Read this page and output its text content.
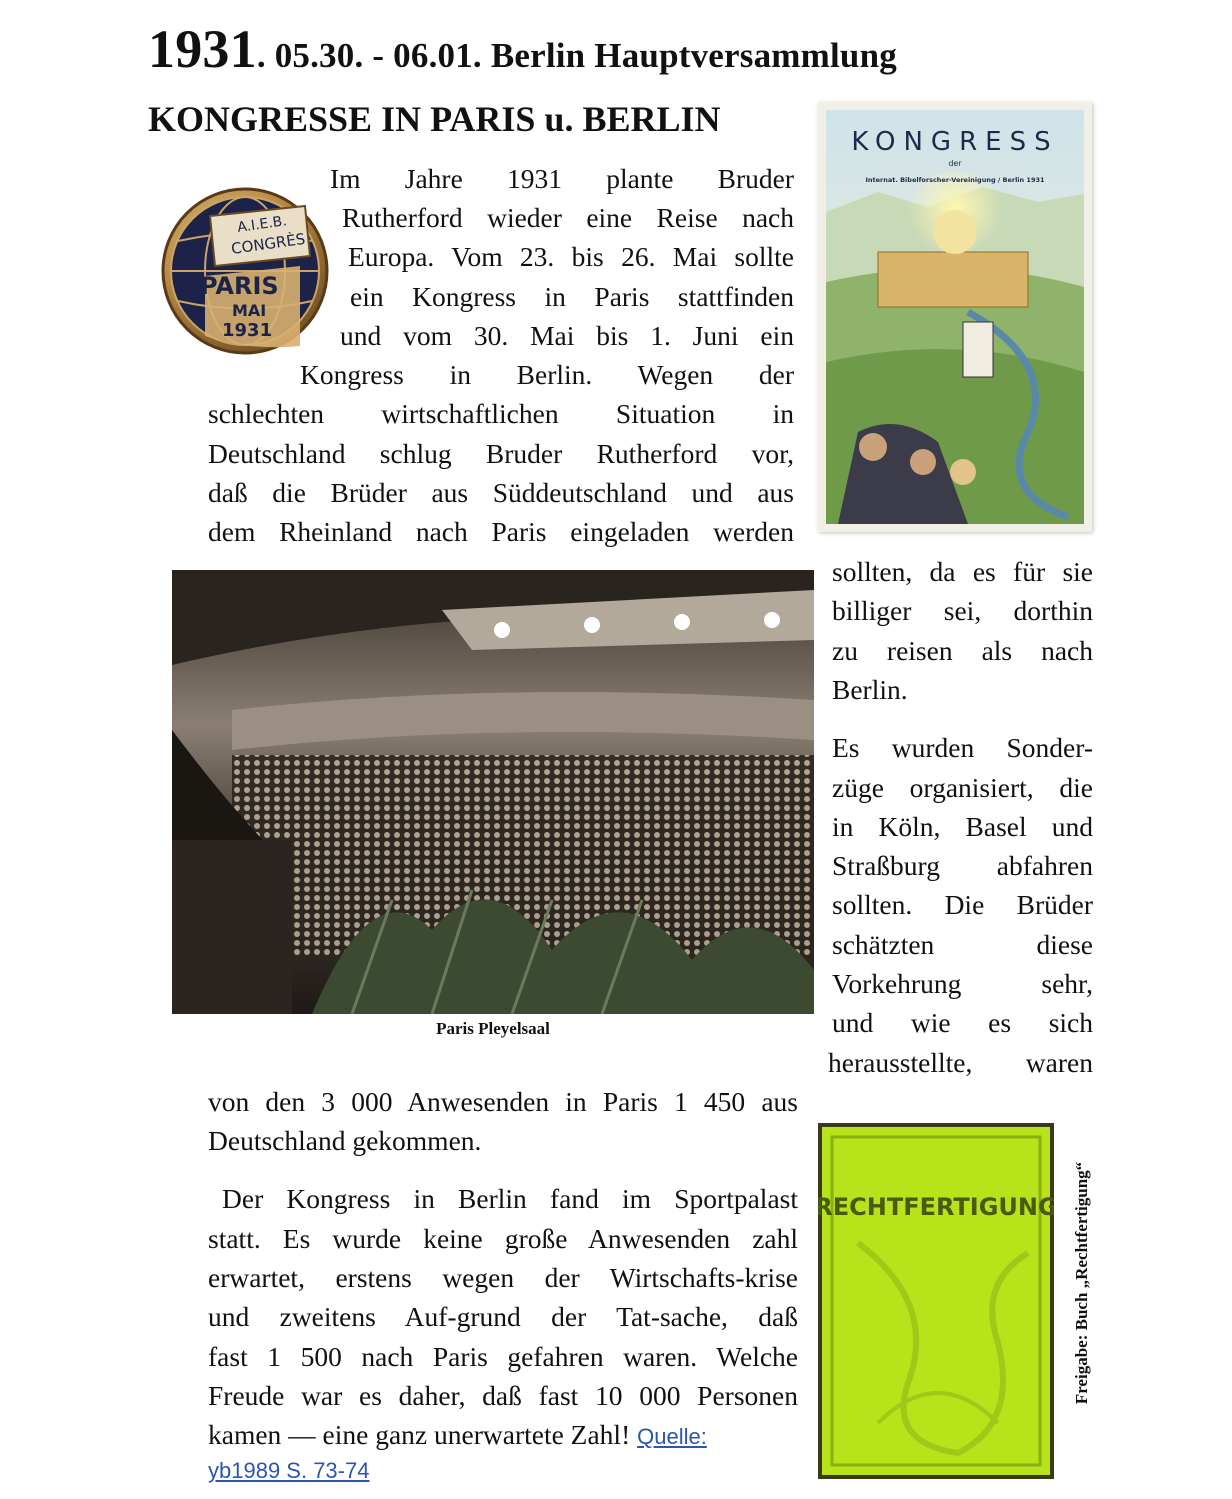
1931. 05.30. - 06.01. Berlin Hauptversammlung
KONGRESSE IN PARIS u. BERLIN
A.I.E.B.
CONGRÈS
PARIS
MAI
1931
KONGRESS
der
Internat. Bibelforscher-Vereinigung / Berlin 1931
Im Jahre 1931 plante Bruder
Rutherford wieder eine Reise nach
Europa. Vom 23. bis 26. Mai sollte
ein Kongress in Paris stattfinden
und vom 30. Mai bis 1. Juni ein
Kongress in Berlin. Wegen der
schlechten wirtschaftlichen Situation in
Deutschland schlug Bruder Rutherford vor,
daß die Brüder aus Süddeutschland und aus
dem Rheinland nach Paris eingeladen werden
sollten, da es für sie
billiger sei, dorthin
zu reisen als nach
Berlin.
Es wurden Sonder-
züge organisiert, die
in Köln, Basel und
Straßburg abfahren
sollten. Die Brüder
schätzten diese
Vorkehrung sehr,
und wie es sich
herausstellte, waren
Paris Pleyelsaal
von den 3 000 Anwesenden in Paris 1 450 aus
Deutschland gekommen.
Der Kongress in Berlin fand im Sportpalast
statt. Es wurde keine große Anwesenden zahl
erwartet, erstens wegen der Wirtschafts-krise
und zweitens Auf-grund der Tat-sache, daß
fast 1 500 nach Paris gefahren waren. Welche
Freude war es daher, daß fast 10 000 Personen
kamen — eine ganz unerwartete Zahl! Quelle:
yb1989 S. 73-74
RECHTFERTIGUNG Freigabe: Buch „Rechtfertigung“
